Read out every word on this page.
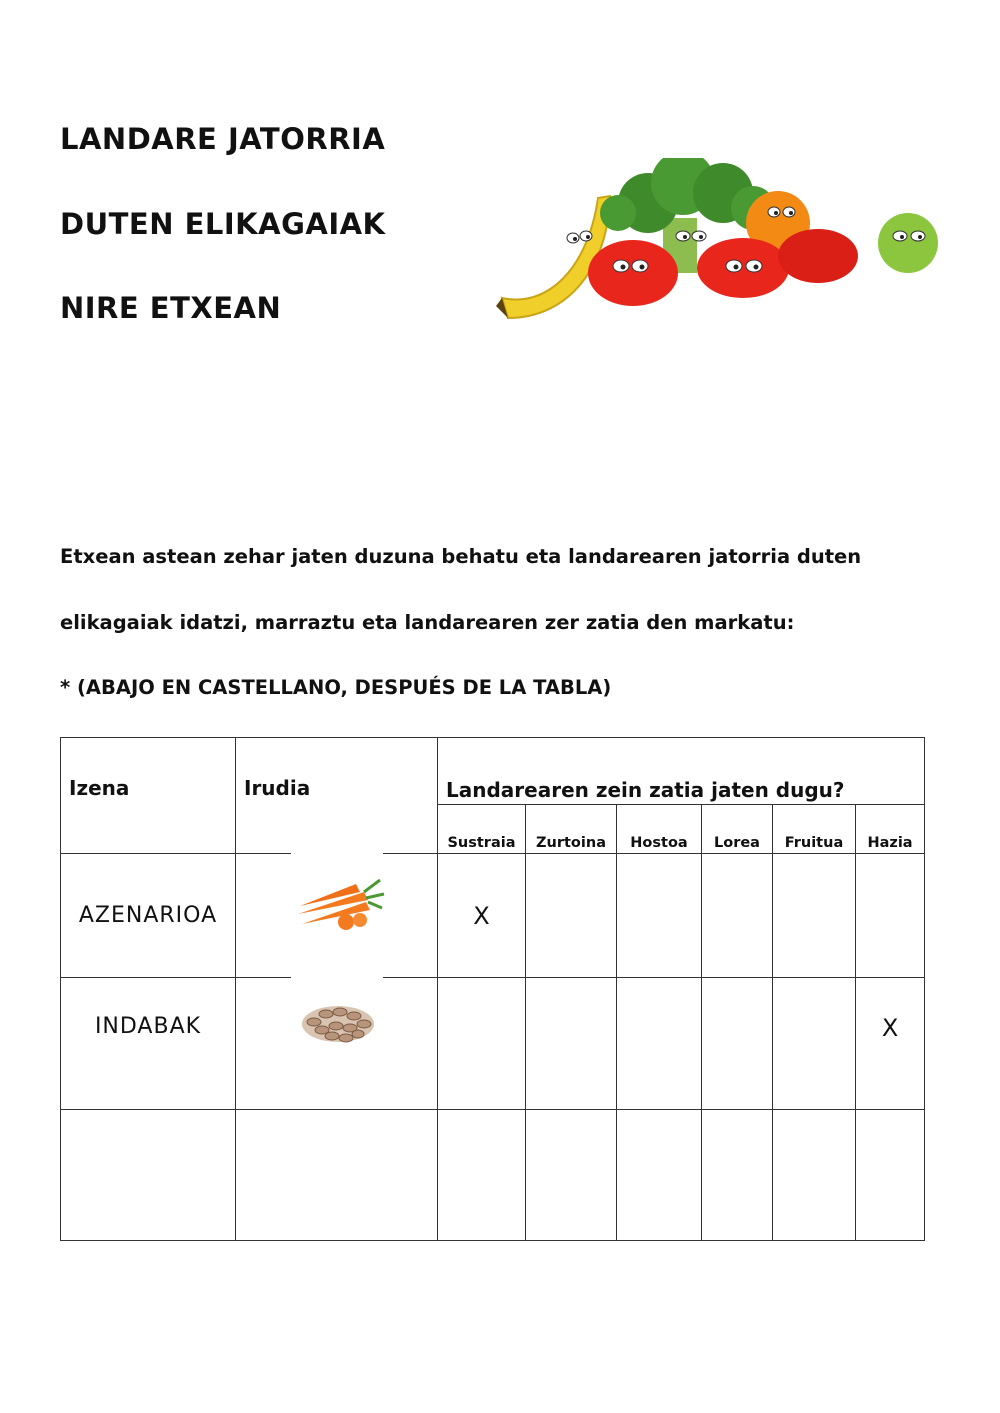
LANDARE JATORRIA
DUTEN ELIKAGAIAK
NIRE ETXEAN
Etxean astean zehar jaten duzuna behatu eta landarearen jatorria duten
elikagaiak idatzi, marraztu eta landarearen zer zatia den markatu:
* (ABAJO EN CASTELLANO, DESPUÉS DE LA TABLA)
Izena	Irudia	Landarearen zein zatia jaten dugu?					
		Sustraia	Zurtoina	Hostoa	Lorea	Fruitua	Hazia
AZENARIOA		X					
INDABAK							X
